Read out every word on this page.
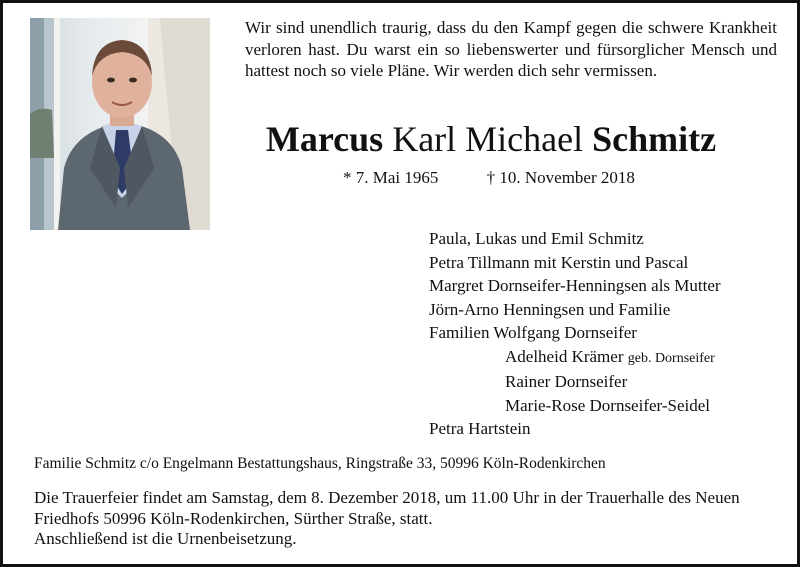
Wir sind unendlich traurig, dass du den Kampf gegen die schwere Krankheit verloren hast. Du warst ein so liebenswerter und fürsorglicher Mensch und hattest noch so viele Pläne. Wir werden dich sehr vermissen.

Marcus Karl Michael Schmitz
* 7. Mai 1965	† 10. November 2018
Paula, Lukas und Emil Schmitz
Petra Tillmann mit Kerstin und Pascal
Margret Dornseifer-Henningsen als Mutter
Jörn-Arno Henningsen und Familie
Familien Wolfgang Dornseifer
Adelheid Krämer geb. Dornseifer
Rainer Dornseifer
Marie-Rose Dornseifer-Seidel
Petra Hartstein
Familie Schmitz c/o Engelmann Bestattungshaus, Ringstraße 33, 50996 Köln-Rodenkirchen

Die Trauerfeier findet am Samstag, dem 8. Dezember 2018, um 11.00 Uhr in der Trauerhalle des Neuen Friedhofs 50996 Köln-Rodenkirchen, Sürther Straße, statt.
Anschließend ist die Urnenbeisetzung.
